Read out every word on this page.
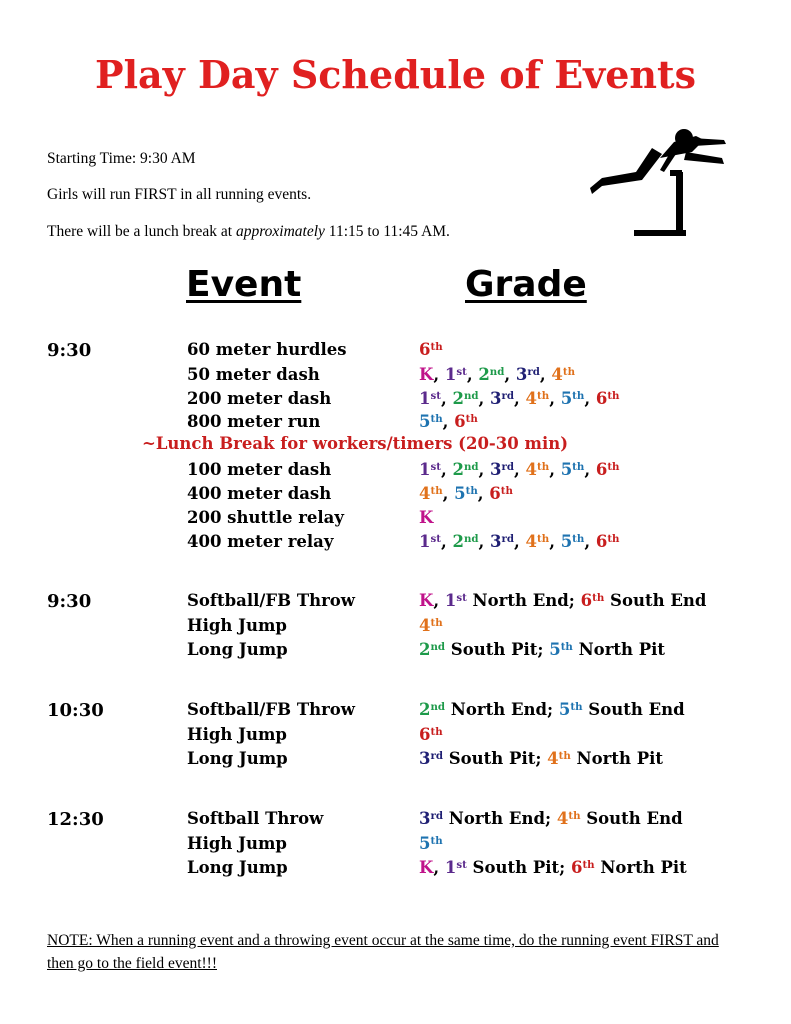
Play Day Schedule of Events
Starting Time: 9:30 AM
Girls will run FIRST in all running events.
There will be a lunch break at approximately 11:15 to 11:45 AM.
Event	Grade
~Lunch Break for workers/timers (20-30 min)
9:30	60 meter hurdles	6th
50 meter dash	K, 1st, 2nd, 3rd, 4th
200 meter dash	1st, 2nd, 3rd, 4th, 5th, 6th
800 meter run	5th, 6th
100 meter dash	1st, 2nd, 3rd, 4th, 5th, 6th
400 meter dash	4th, 5th, 6th
200 shuttle relay	K
400 meter relay	1st, 2nd, 3rd, 4th, 5th, 6th
9:30	Softball/FB Throw	K, 1st North End; 6th South End
High Jump	4th
Long Jump	2nd South Pit; 5th North Pit
10:30	Softball/FB Throw	2nd North End; 5th South End
High Jump	6th
Long Jump	3rd South Pit; 4th North Pit
12:30	Softball Throw	3rd North End; 4th South End
High Jump	5th
Long Jump	K, 1st South Pit; 6th North Pit
NOTE: When a running event and a throwing event occur at the same time, do the running event FIRST and then go to the field event!!!
